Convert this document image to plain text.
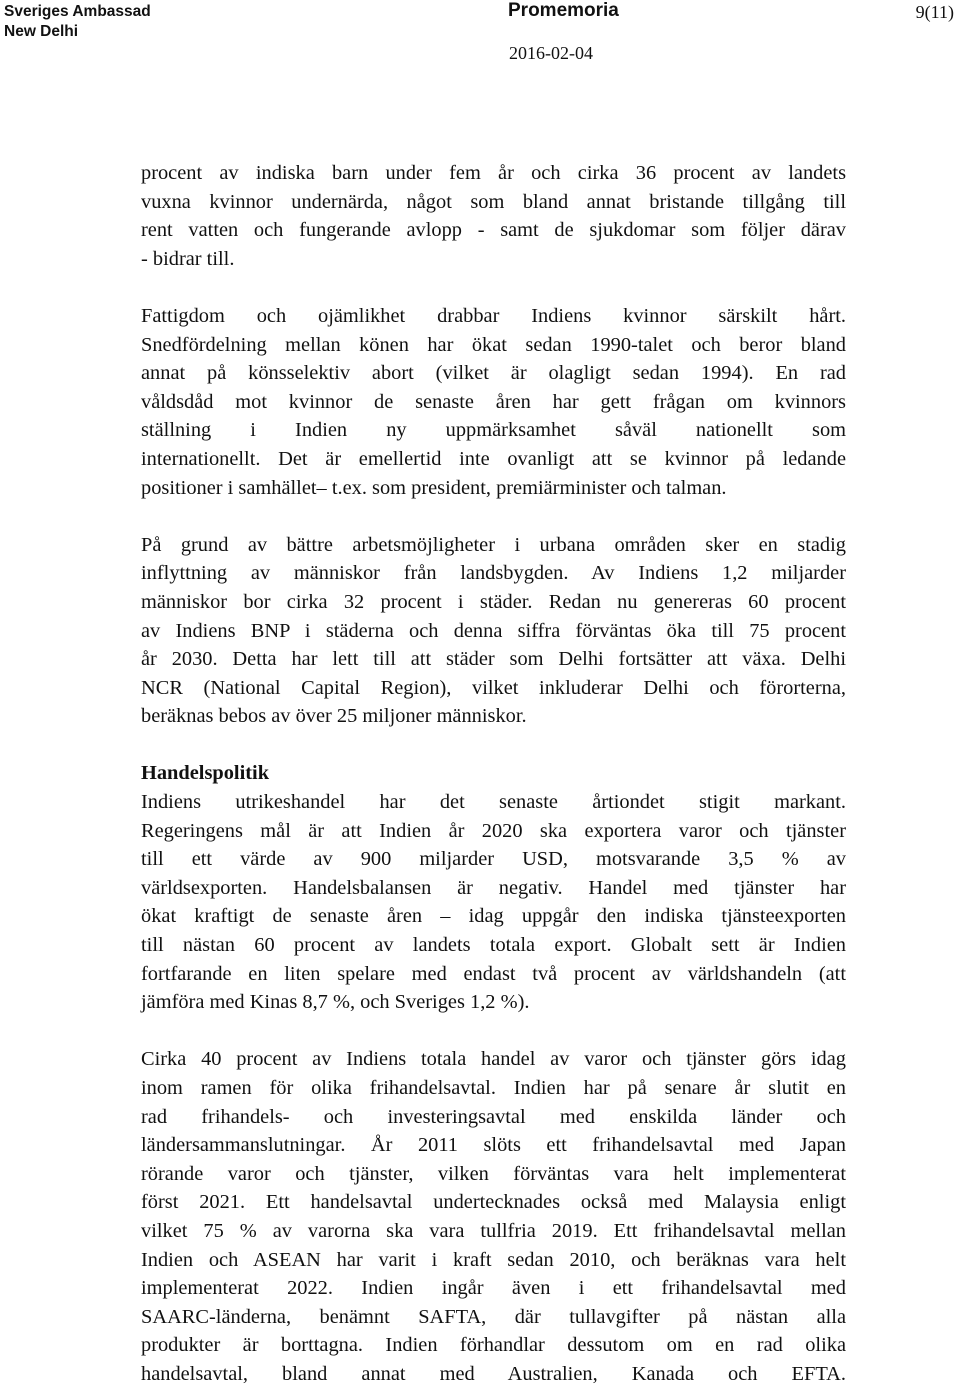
Sveriges Ambassad
New Delhi
Promemoria
2016-02-04
9(11)

procent av indiska barn under fem år och cirka 36 procent av landets
vuxna kvinnor undernärda, något som bland annat bristande tillgång till
rent vatten och fungerande avlopp - samt de sjukdomar som följer därav
- bidrar till.

Fattigdom och ojämlikhet drabbar Indiens kvinnor särskilt hårt.
Snedfördelning mellan könen har ökat sedan 1990-talet och beror bland
annat på könsselektiv abort (vilket är olagligt sedan 1994). En rad
våldsdåd mot kvinnor de senaste åren har gett frågan om kvinnors
ställning i Indien ny uppmärksamhet såväl nationellt som
internationellt. Det är emellertid inte ovanligt att se kvinnor på ledande
positioner i samhället– t.ex. som president, premiärminister och talman.

På grund av bättre arbetsmöjligheter i urbana områden sker en stadig
inflyttning av människor från landsbygden. Av Indiens 1,2 miljarder
människor bor cirka 32 procent i städer. Redan nu genereras 60 procent
av Indiens BNP i städerna och denna siffra förväntas öka till 75 procent
år 2030. Detta har lett till att städer som Delhi fortsätter att växa. Delhi
NCR (National Capital Region), vilket inkluderar Delhi och förorterna,
beräknas bebos av över 25 miljoner människor.

Handelspolitik

Indiens utrikeshandel har det senaste årtiondet stigit markant.
Regeringens mål är att Indien år 2020 ska exportera varor och tjänster
till ett värde av 900 miljarder USD, motsvarande 3,5 % av
världsexporten. Handelsbalansen är negativ. Handel med tjänster har
ökat kraftigt de senaste åren – idag uppgår den indiska tjänsteexporten
till nästan 60 procent av landets totala export. Globalt sett är Indien
fortfarande en liten spelare med endast två procent av världshandeln (att
jämföra med Kinas 8,7 %, och Sveriges 1,2 %).

Cirka 40 procent av Indiens totala handel av varor och tjänster görs idag
inom ramen för olika frihandelsavtal. Indien har på senare år slutit en
rad frihandels- och investeringsavtal med enskilda länder och
ländersammanslutningar. År 2011 slöts ett frihandelsavtal med Japan
rörande varor och tjänster, vilken förväntas vara helt implementerat
först 2021. Ett handelsavtal undertecknades också med Malaysia enligt
vilket 75 % av varorna ska vara tullfria 2019. Ett frihandelsavtal mellan
Indien och ASEAN har varit i kraft sedan 2010, och beräknas vara helt
implementerat 2022. Indien ingår även i ett frihandelsavtal med
SAARC-länderna, benämnt SAFTA, där tullavgifter på nästan alla
produkter är borttagna. Indien förhandlar dessutom om en rad olika
handelsavtal, bland annat med Australien, Kanada och EFTA.
